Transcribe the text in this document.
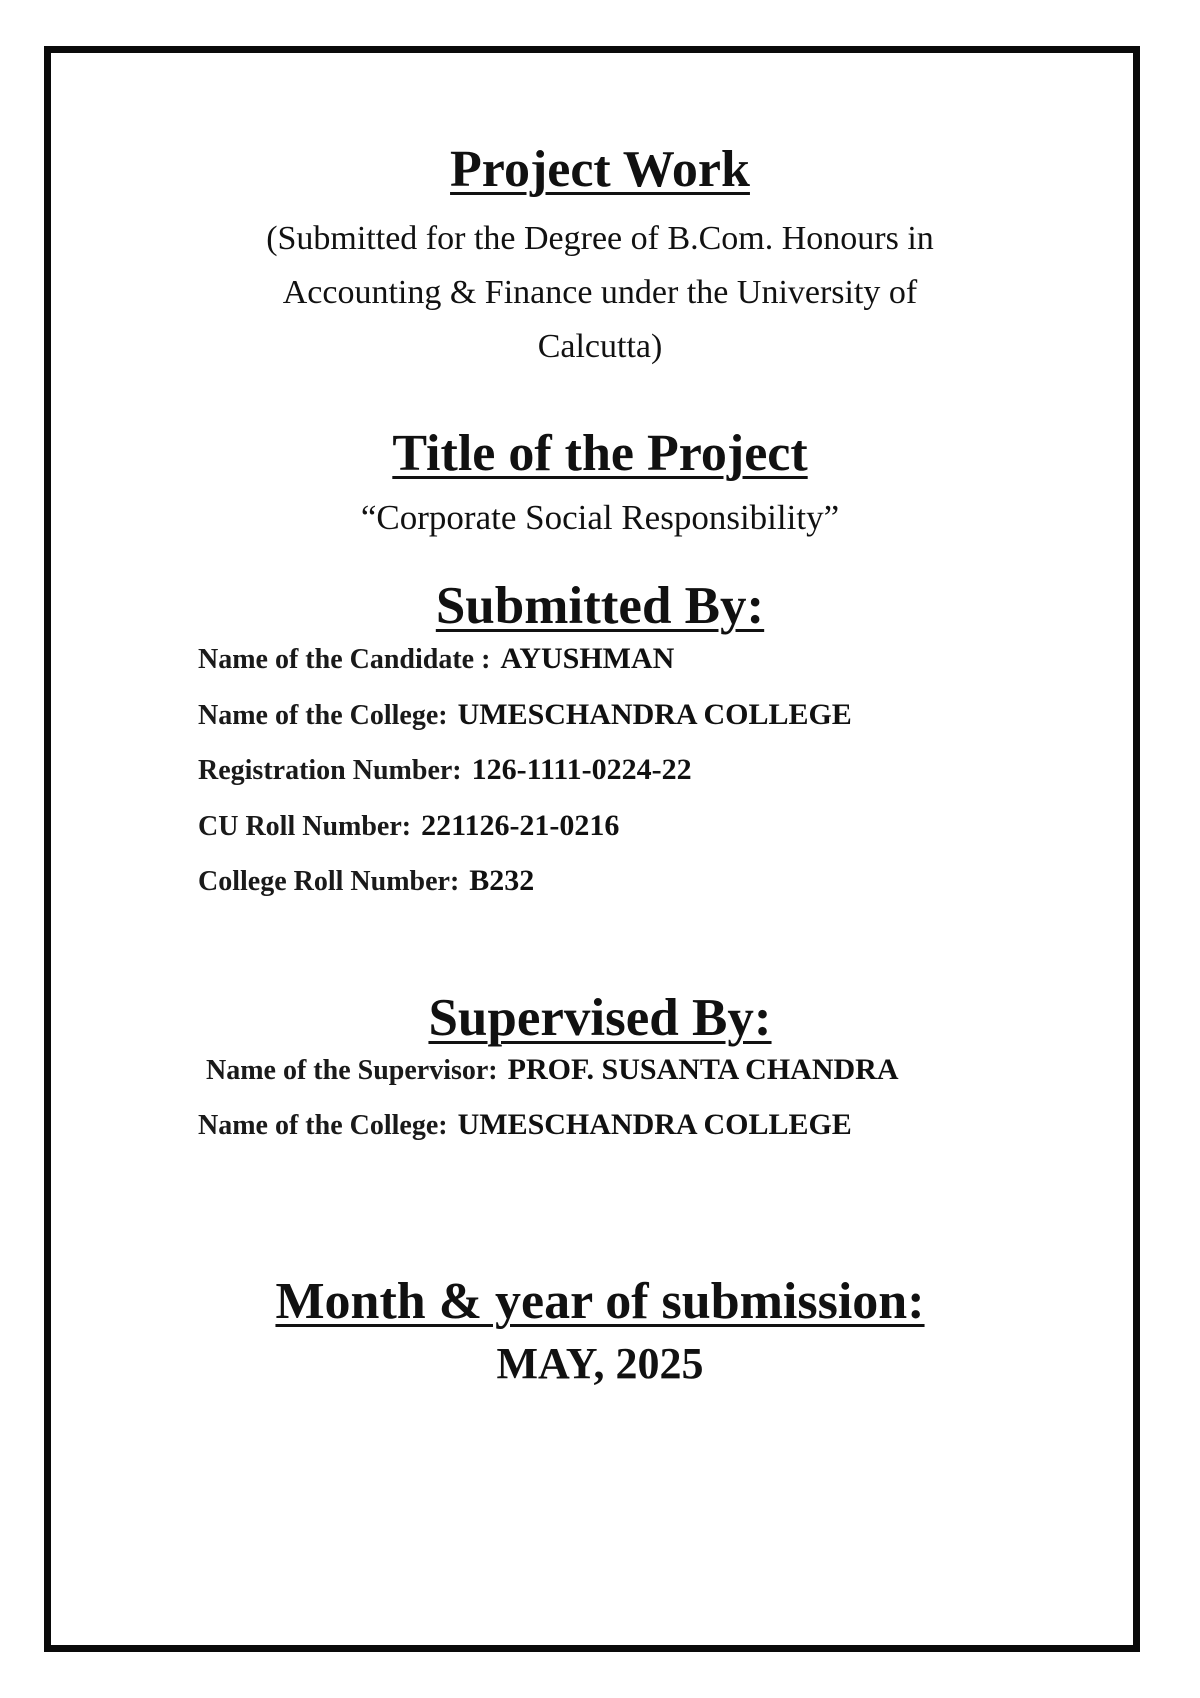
Project Work
(Submitted for the Degree of B.Com. Honours in
Accounting & Finance under the University of
Calcutta)
Title of the Project
“Corporate Social Responsibility”
Submitted By:
Name of the Candidate : AYUSHMAN
Name of the College: UMESCHANDRA COLLEGE
Registration Number: 126-1111-0224-22
CU Roll Number: 221126-21-0216
College Roll Number: B232
Supervised By:
Name of the Supervisor: PROF. SUSANTA CHANDRA
Name of the College: UMESCHANDRA COLLEGE
Month & year of submission:
MAY, 2025
